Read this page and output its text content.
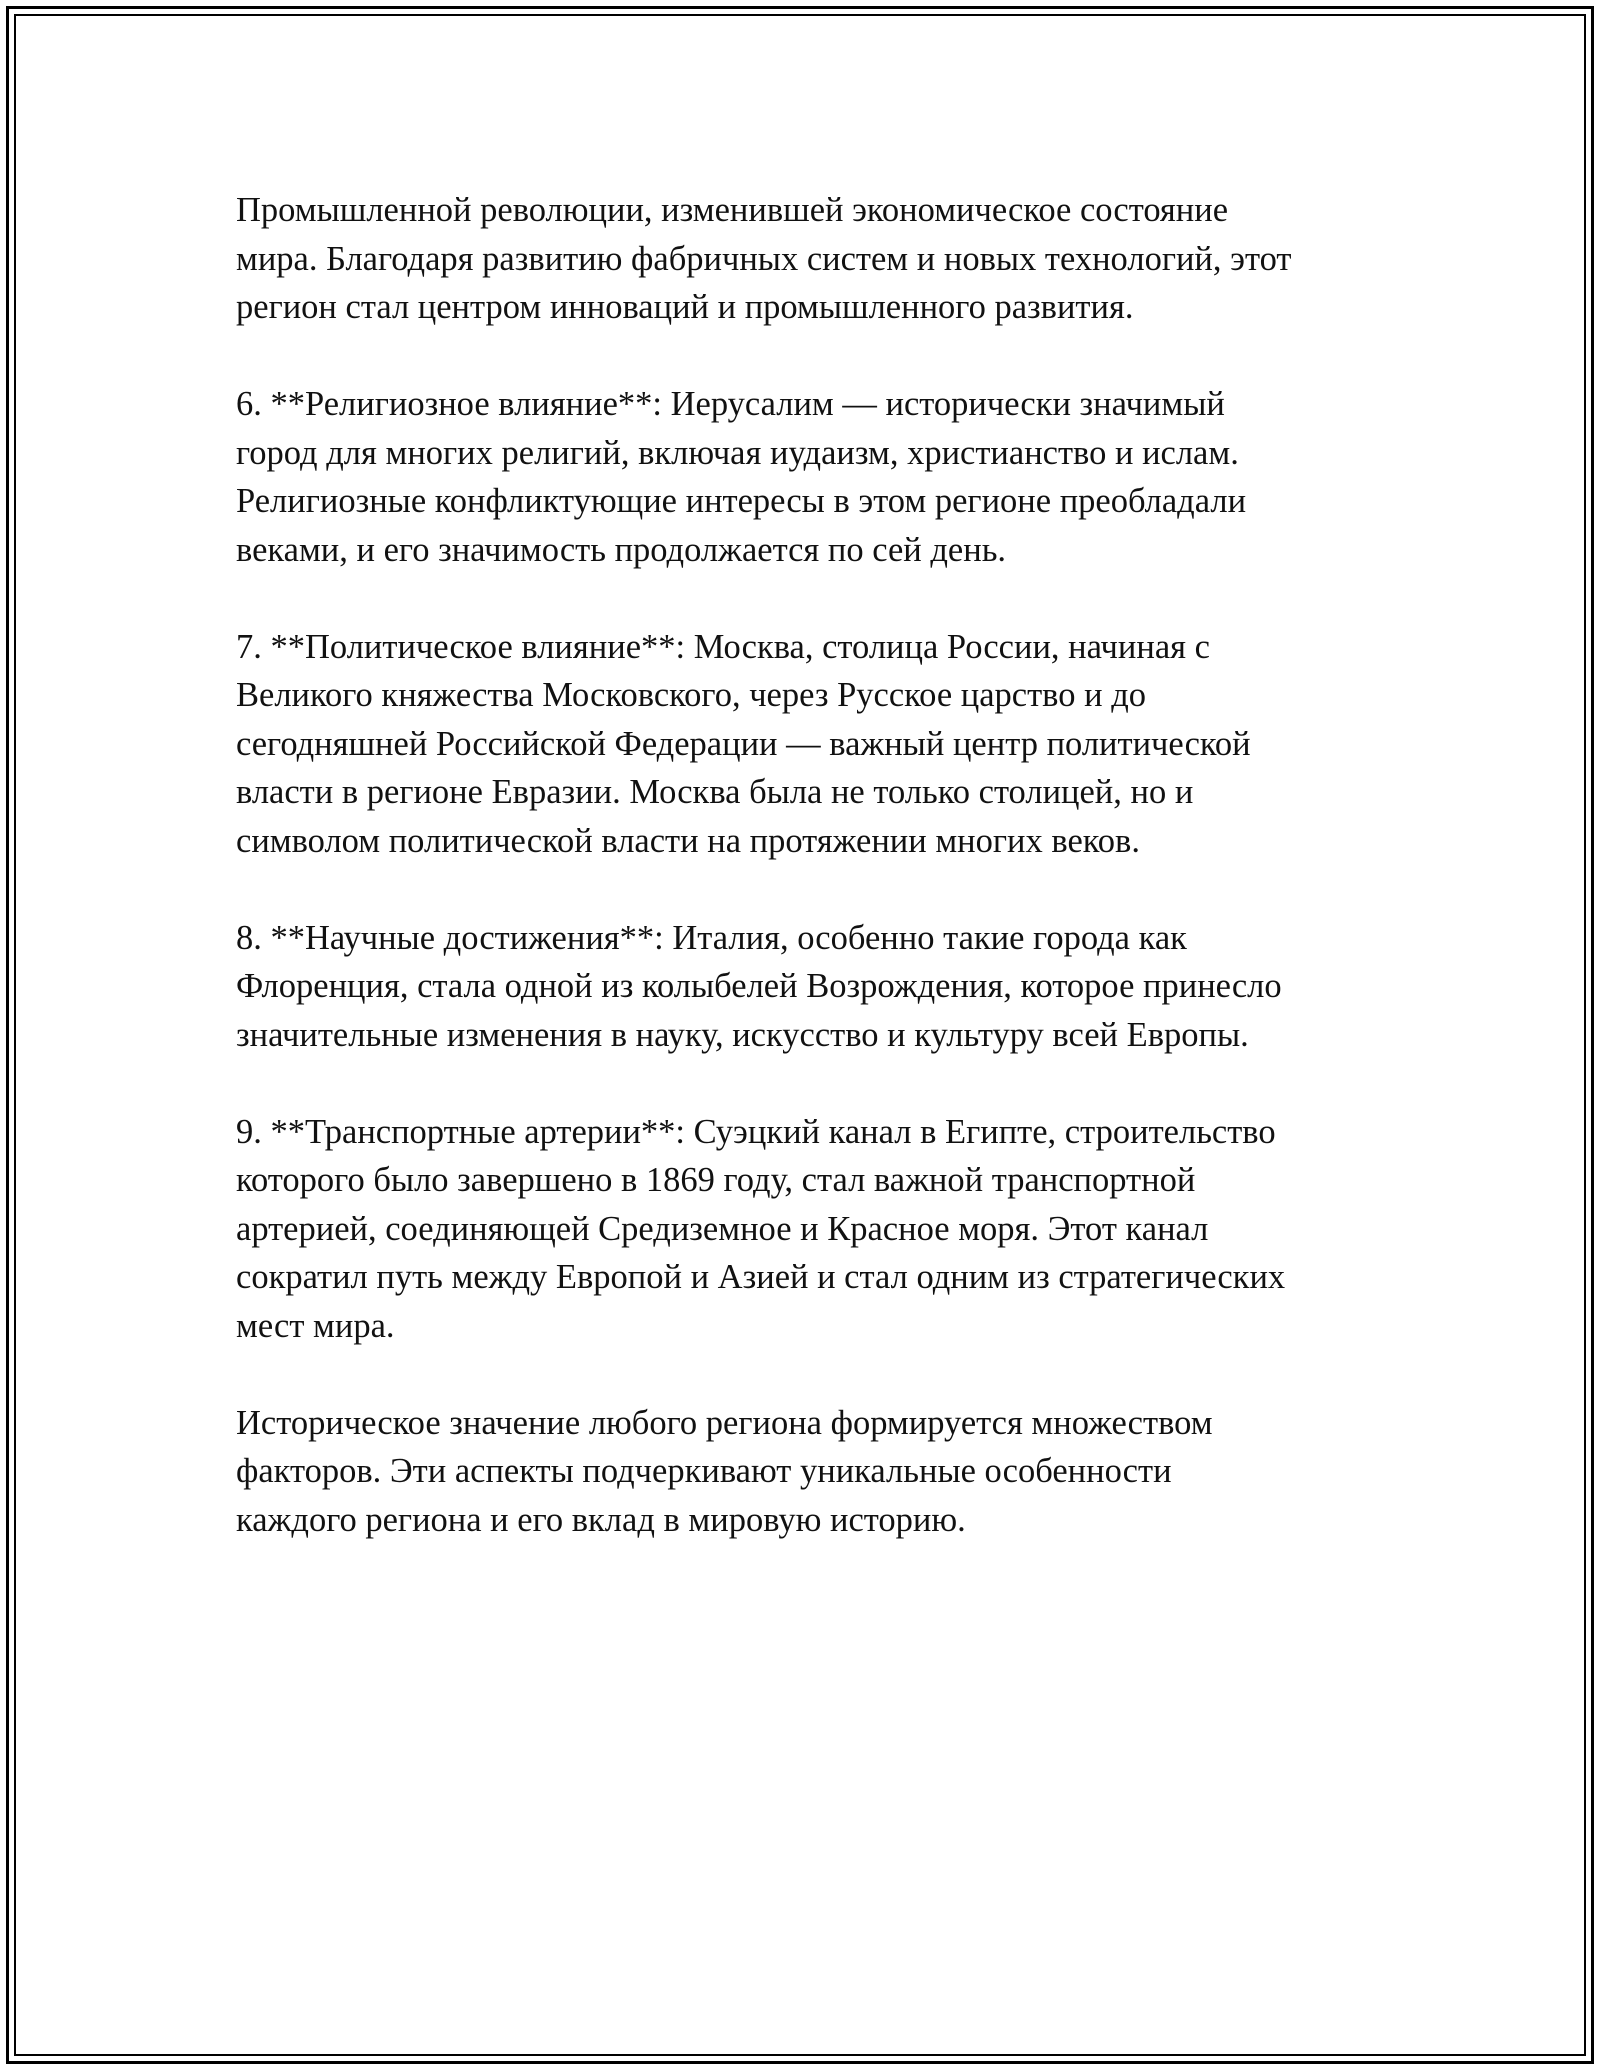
Промышленной революции, изменившей экономическое состояние
мира. Благодаря развитию фабричных систем и новых технологий, этот
регион стал центром инноваций и промышленного развития.

6. **Религиозное влияние**: Иерусалим — исторически значимый
город для многих религий, включая иудаизм, христианство и ислам.
Религиозные конфликтующие интересы в этом регионе преобладали
веками, и его значимость продолжается по сей день.

7. **Политическое влияние**: Москва, столица России, начиная с
Великого княжества Московского, через Русское царство и до
сегодняшней Российской Федерации — важный центр политической
власти в регионе Евразии. Москва была не только столицей, но и
символом политической власти на протяжении многих веков.

8. **Научные достижения**: Италия, особенно такие города как
Флоренция, стала одной из колыбелей Возрождения, которое принесло
значительные изменения в науку, искусство и культуру всей Европы.

9. **Транспортные артерии**: Суэцкий канал в Египте, строительство
которого было завершено в 1869 году, стал важной транспортной
артерией, соединяющей Средиземное и Красное моря. Этот канал
сократил путь между Европой и Азией и стал одним из стратегических
мест мира.

Историческое значение любого региона формируется множеством
факторов. Эти аспекты подчеркивают уникальные особенности
каждого региона и его вклад в мировую историю.
